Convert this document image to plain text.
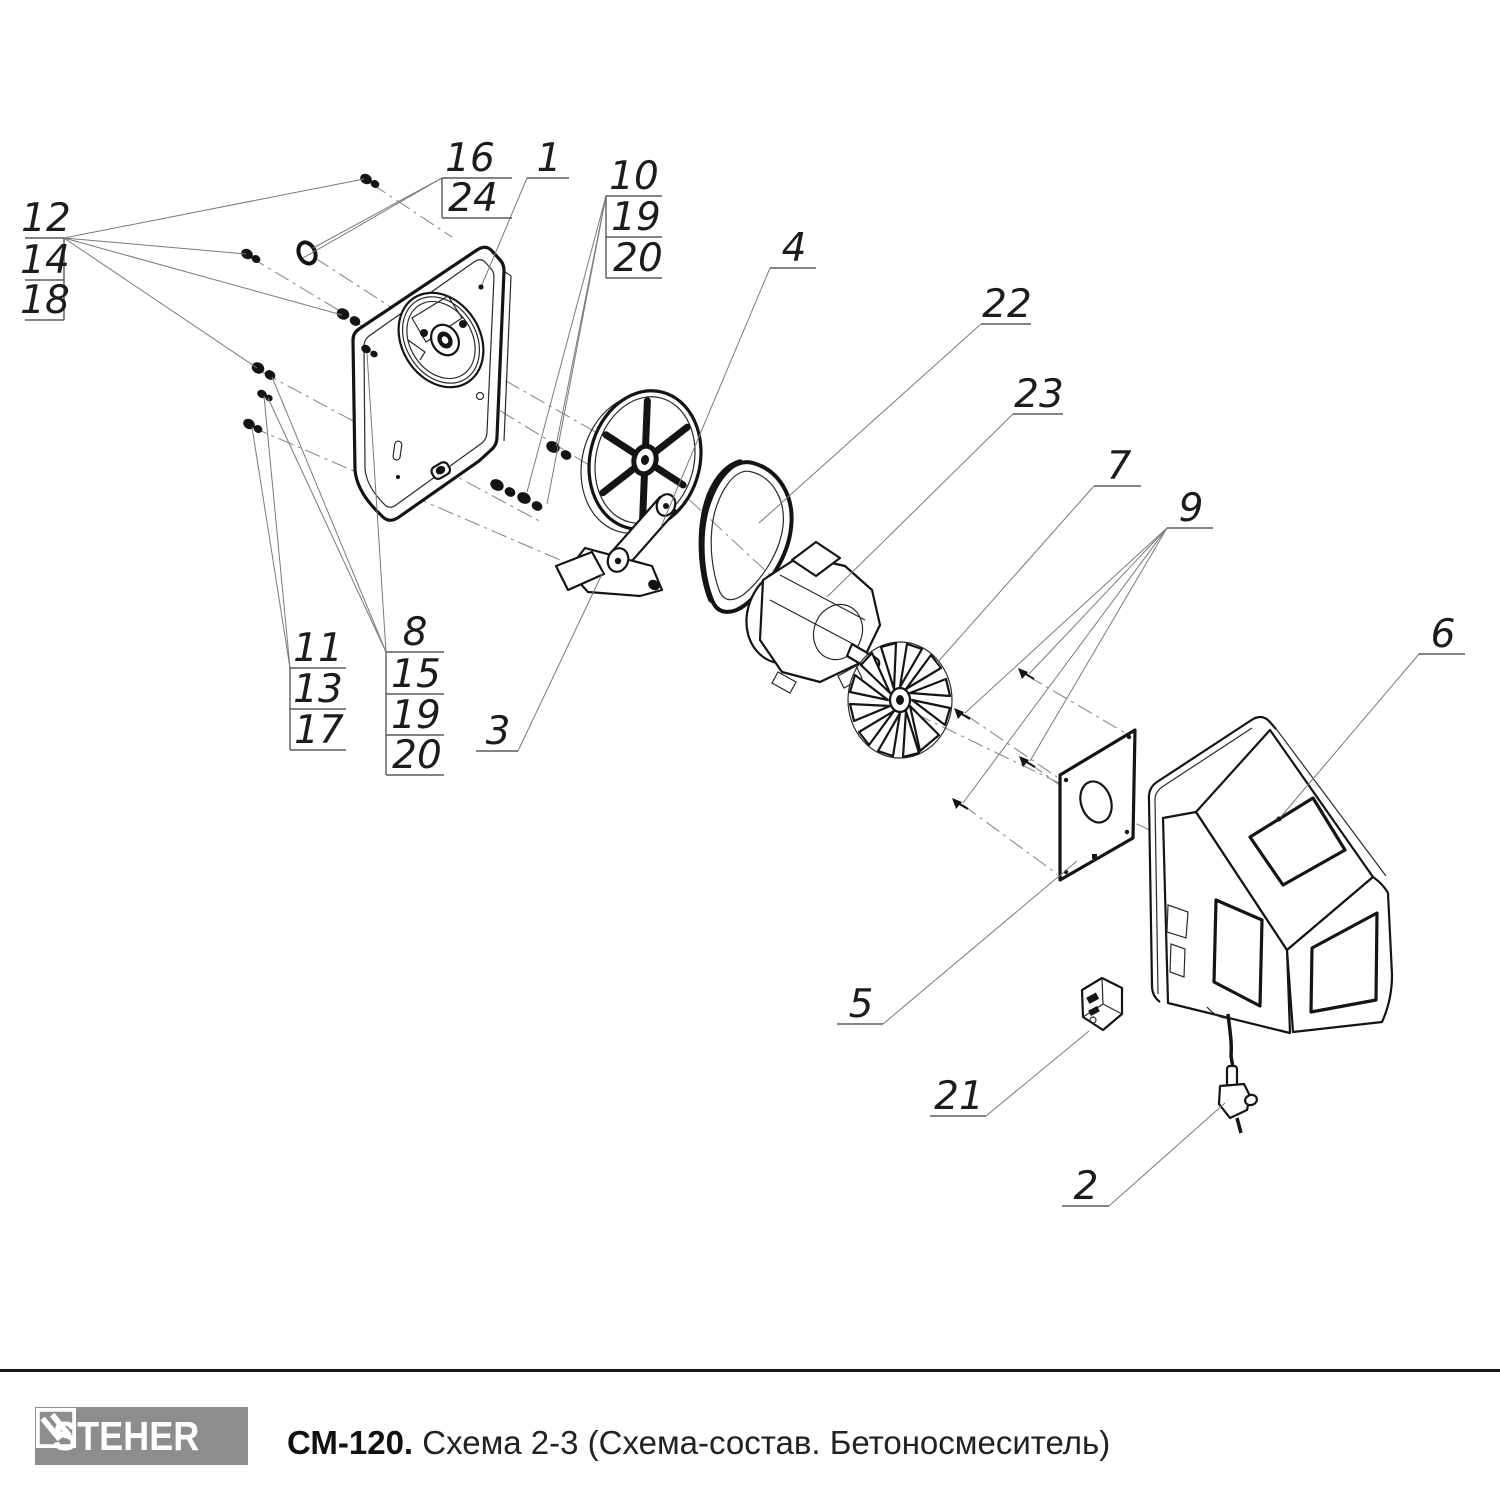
12
14
18
16
24
1 10
19
20	4
22
23
7
9
6
11
13
17
8
15
19
20
3
5
21
2
STEHER	СМ-120. Схема 2-3 (Схема-состав. Бетоносмеситель)
